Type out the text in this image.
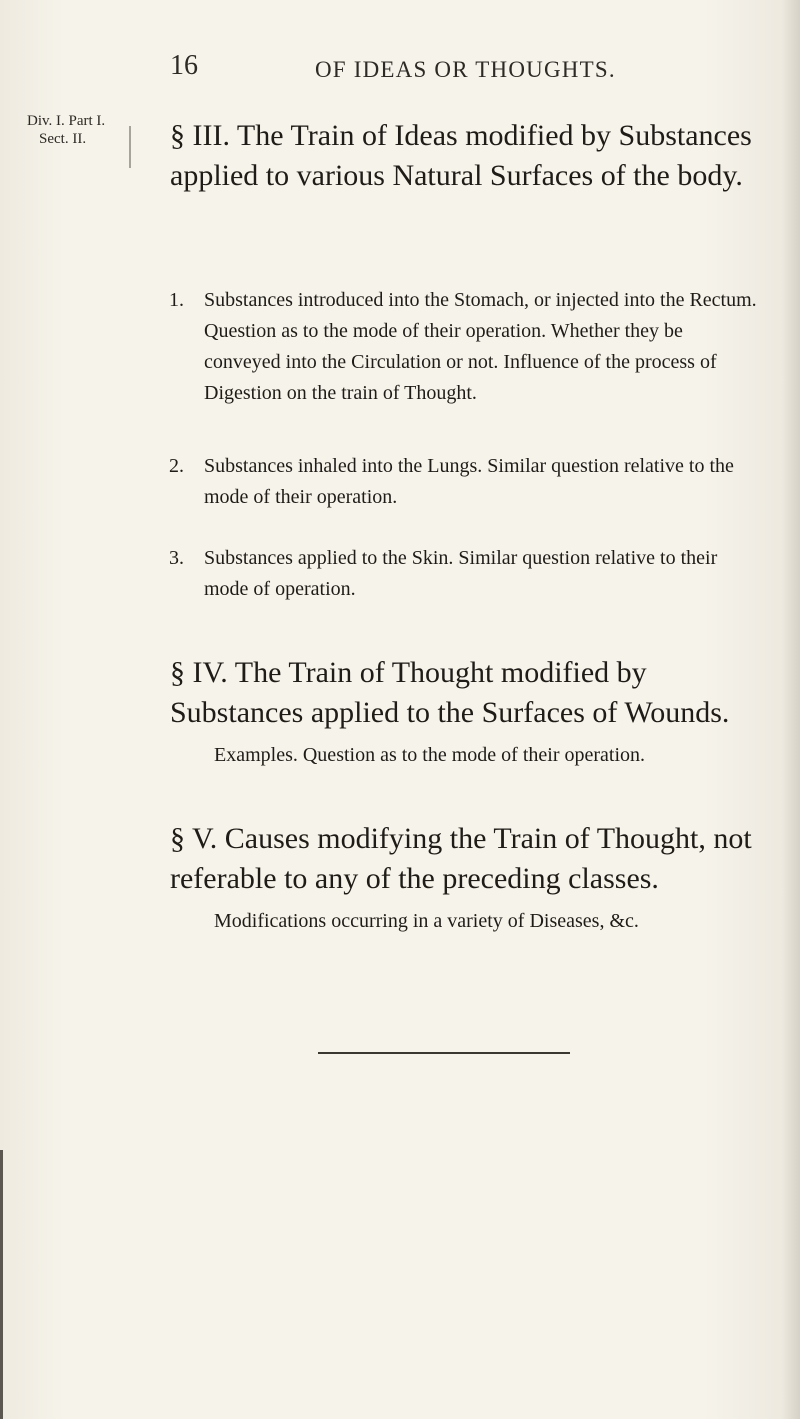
16	OF IDEAS OR THOUGHTS.
Div. I. Part I.
Sect. II.	§ III. The Train of Ideas modified by Substances applied to various Natural Surfaces of the body.
1. Substances introduced into the Stomach, or injected into the Rectum. Question as to the mode of their operation. Whether they be conveyed into the Circulation or not. Influence of the process of Digestion on the train of Thought.
2. Substances inhaled into the Lungs. Similar question relative to the mode of their operation.
3. Substances applied to the Skin. Similar question relative to their mode of operation.
§ IV. The Train of Thought modified by Substances applied to the Surfaces of Wounds.
Examples. Question as to the mode of their operation.
§ V. Causes modifying the Train of Thought, not referable to any of the preceding classes.
Modifications occurring in a variety of Diseases, &c.
